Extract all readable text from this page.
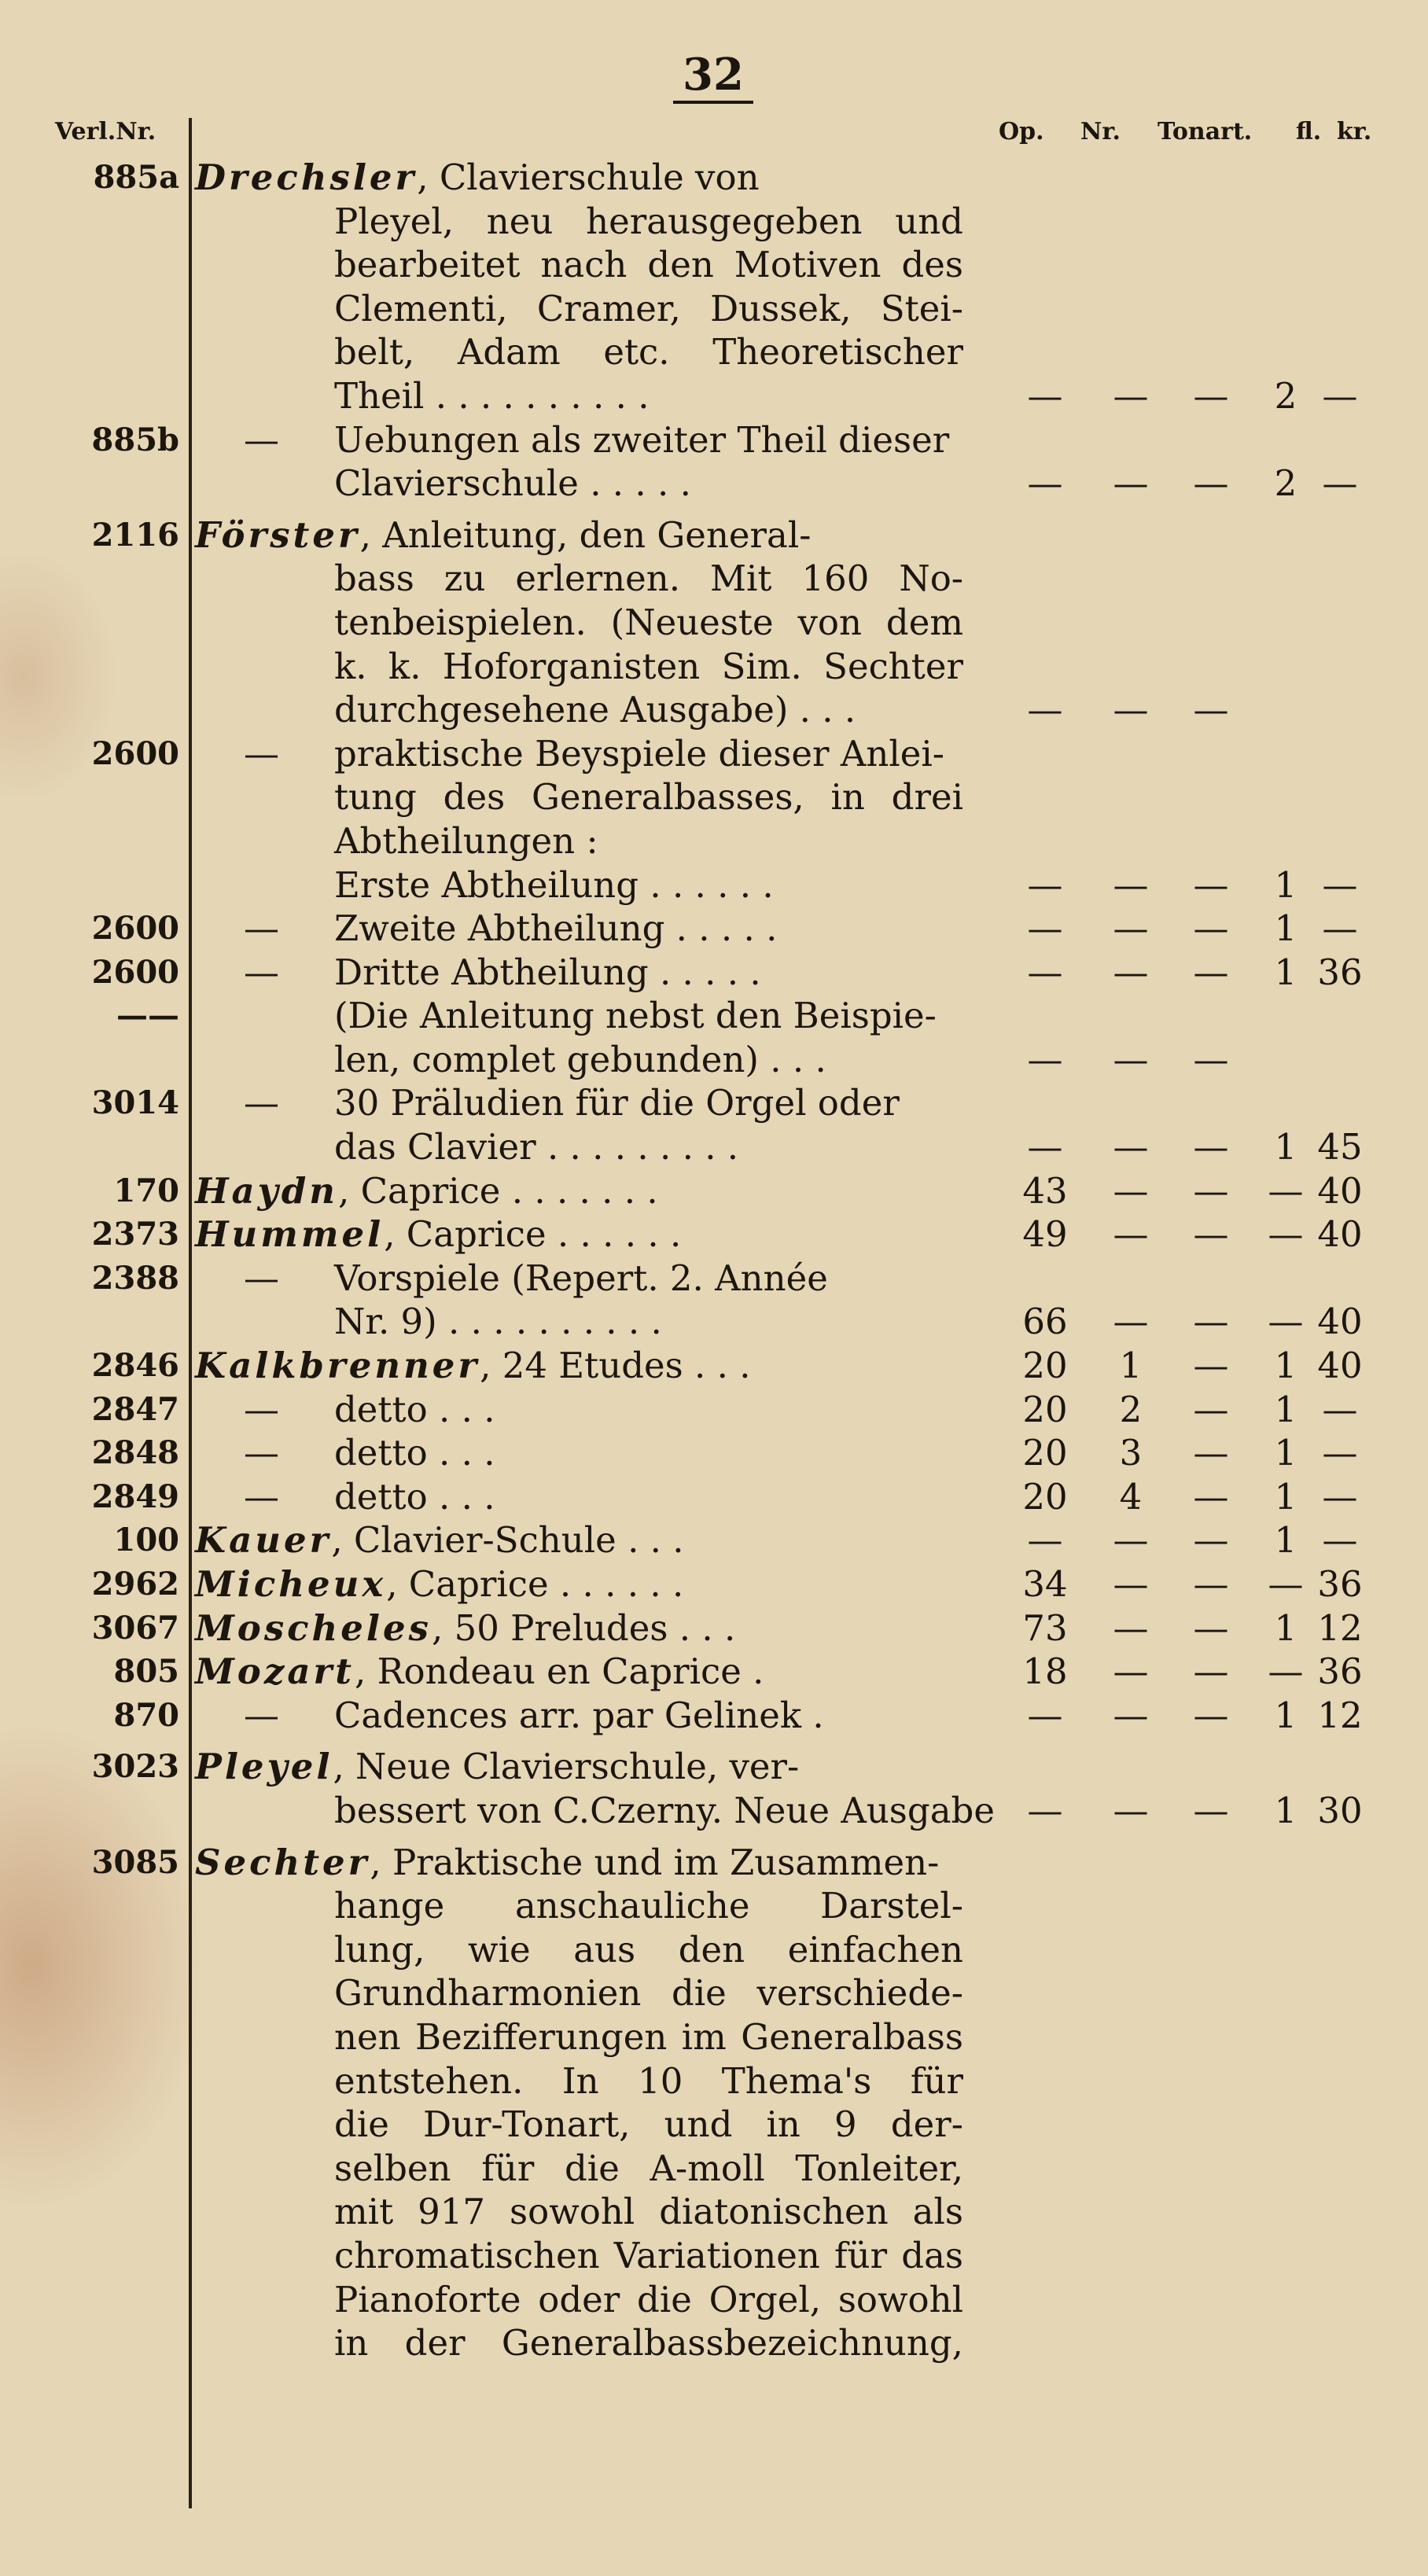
32
Verl.Nr.	Op. Nr. Tonart. fl. kr.
885a Drechsler, Clavierschule von
Pleyel, neu herausgegeben und
bearbeitet nach den Motiven des
Clementi, Cramer, Dussek, Stei-
belt, Adam etc. Theoretischer
Theil . . . . . . . . . .	—	—	—	2 —
885b — Uebungen als zweiter Theil dieser
Clavierschule . . . . .	—	—	—	2 —
2116 Förster, Anleitung, den General-
bass zu erlernen. Mit 160 No-
tenbeispielen. (Neueste von dem
k. k. Hoforganisten Sim. Sechter
durchgesehene Ausgabe) . . .	—	—	—
2600 — praktische Beyspiele dieser Anlei-
tung des Generalbasses, in drei
Abtheilungen :
Erste Abtheilung . . . . . .	—	—	—	1 —
2600 — Zweite Abtheilung . . . . .	—	—	—	1 —
2600 — Dritte Abtheilung . . . . .	—	—	—	1 36
——	(Die Anleitung nebst den Beispie-
len, complet gebunden) . . .	—	—	—
3014 — 30 Präludien für die Orgel oder
das Clavier . . . . . . . . .	—	—	—	1 45
170 Haydn, Caprice . . . . . . .	43	—	—	— 40
2373 Hummel, Caprice . . . . . .	49	—	—	— 40
2388 — Vorspiele (Repert. 2. Année
Nr. 9) . . . . . . . . . .	66	—	—	— 40
2846 Kalkbrenner, 24 Etudes . . .	20	1	—	1 40
2847 — detto . . .	20	2	—	1 —
2848 — detto . . .	20	3	—	1 —
2849 — detto . . .	20	4	—	1 —
100 Kauer, Clavier-Schule . . .	—	—	—	1 —
2962 Micheux, Caprice . . . . . .	34	—	—	— 36
3067 Moscheles, 50 Preludes . . .	73	—	—	1 12
805 Mozart, Rondeau en Caprice .	18	—	—	— 36
870 — Cadences arr. par Gelinek .	—	—	—	1 12
3023 Pleyel, Neue Clavierschule, ver-
bessert von C.Czerny. Neue Ausgabe —	—	—	1 30
3085 Sechter, Praktische und im Zusammen-
hange anschauliche Darstel-
lung, wie aus den einfachen
Grundharmonien die verschiede-
nen Bezifferungen im Generalbass
entstehen. In 10 Thema's für
die Dur-Tonart, und in 9 der-
selben für die A-moll Tonleiter,
mit 917 sowohl diatonischen als
chromatischen Variationen für das
Pianoforte oder die Orgel, sowohl
in der Generalbassbezeichnung,
